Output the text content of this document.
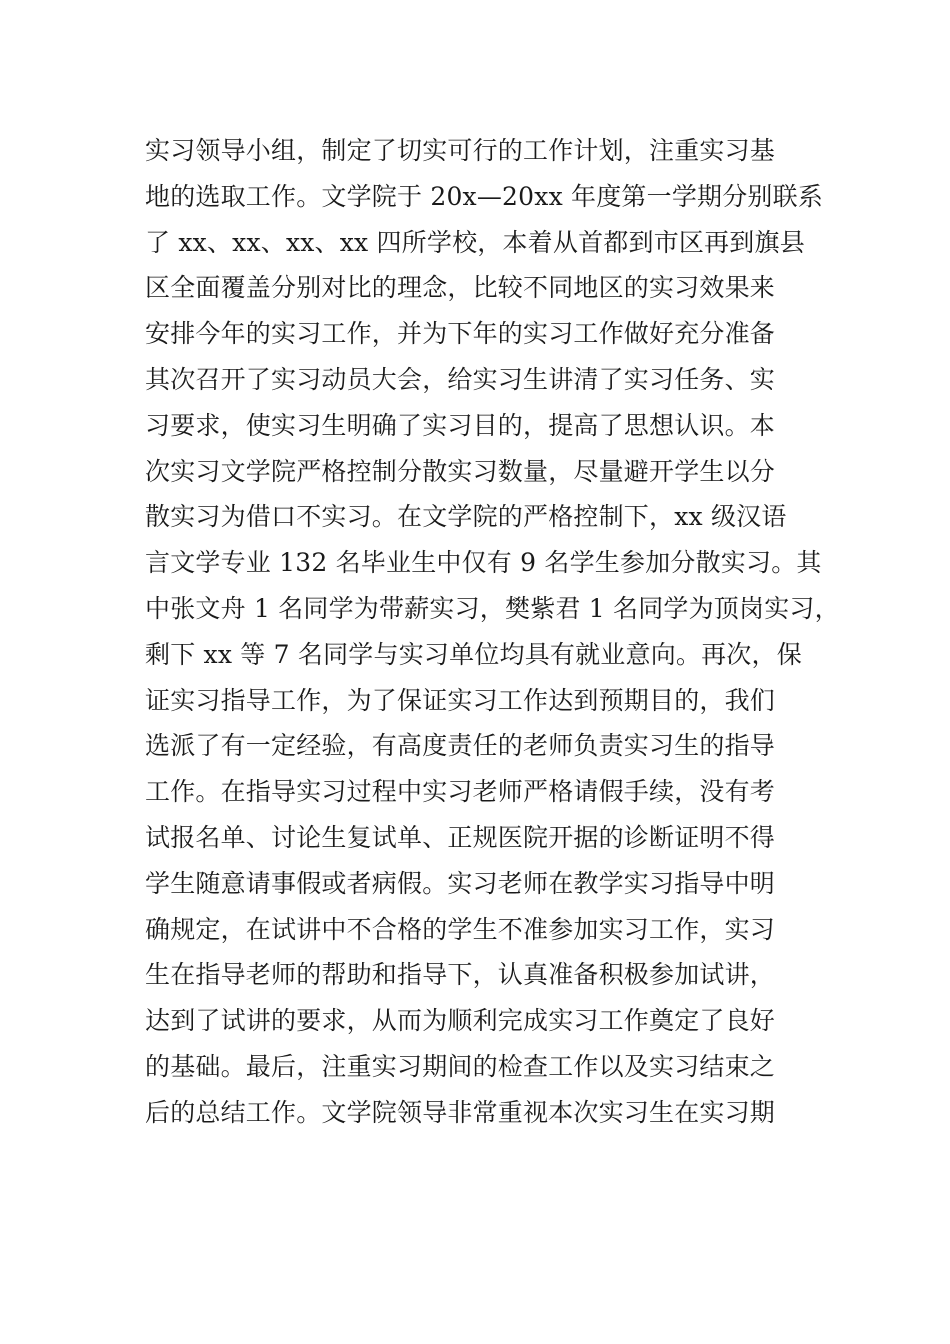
实习领导小组，制定了切实可行的工作计划，注重实习基
地的选取工作。文学院于 20x—20xx 年度第一学期分别联系
了 xx、xx、xx、xx 四所学校，本着从首都到市区再到旗县
区全面覆盖分别对比的理念，比较不同地区的实习效果来
安排今年的实习工作，并为下年的实习工作做好充分准备
其次召开了实习动员大会，给实习生讲清了实习任务、实
习要求，使实习生明确了实习目的，提高了思想认识。本
次实习文学院严格控制分散实习数量，尽量避开学生以分
散实习为借口不实习。在文学院的严格控制下，xx 级汉语
言文学专业 132 名毕业生中仅有 9 名学生参加分散实习。其
中张文舟 1 名同学为带薪实习，樊紫君 1 名同学为顶岗实习，
剩下 xx 等 7 名同学与实习单位均具有就业意向。再次，保
证实习指导工作，为了保证实习工作达到预期目的，我们
选派了有一定经验，有高度责任的老师负责实习生的指导
工作。在指导实习过程中实习老师严格请假手续，没有考
试报名单、讨论生复试单、正规医院开据的诊断证明不得
学生随意请事假或者病假。实习老师在教学实习指导中明
确规定，在试讲中不合格的学生不准参加实习工作，实习
生在指导老师的帮助和指导下，认真准备积极参加试讲，
达到了试讲的要求，从而为顺利完成实习工作奠定了良好
的基础。最后，注重实习期间的检查工作以及实习结束之
后的总结工作。文学院领导非常重视本次实习生在实习期
